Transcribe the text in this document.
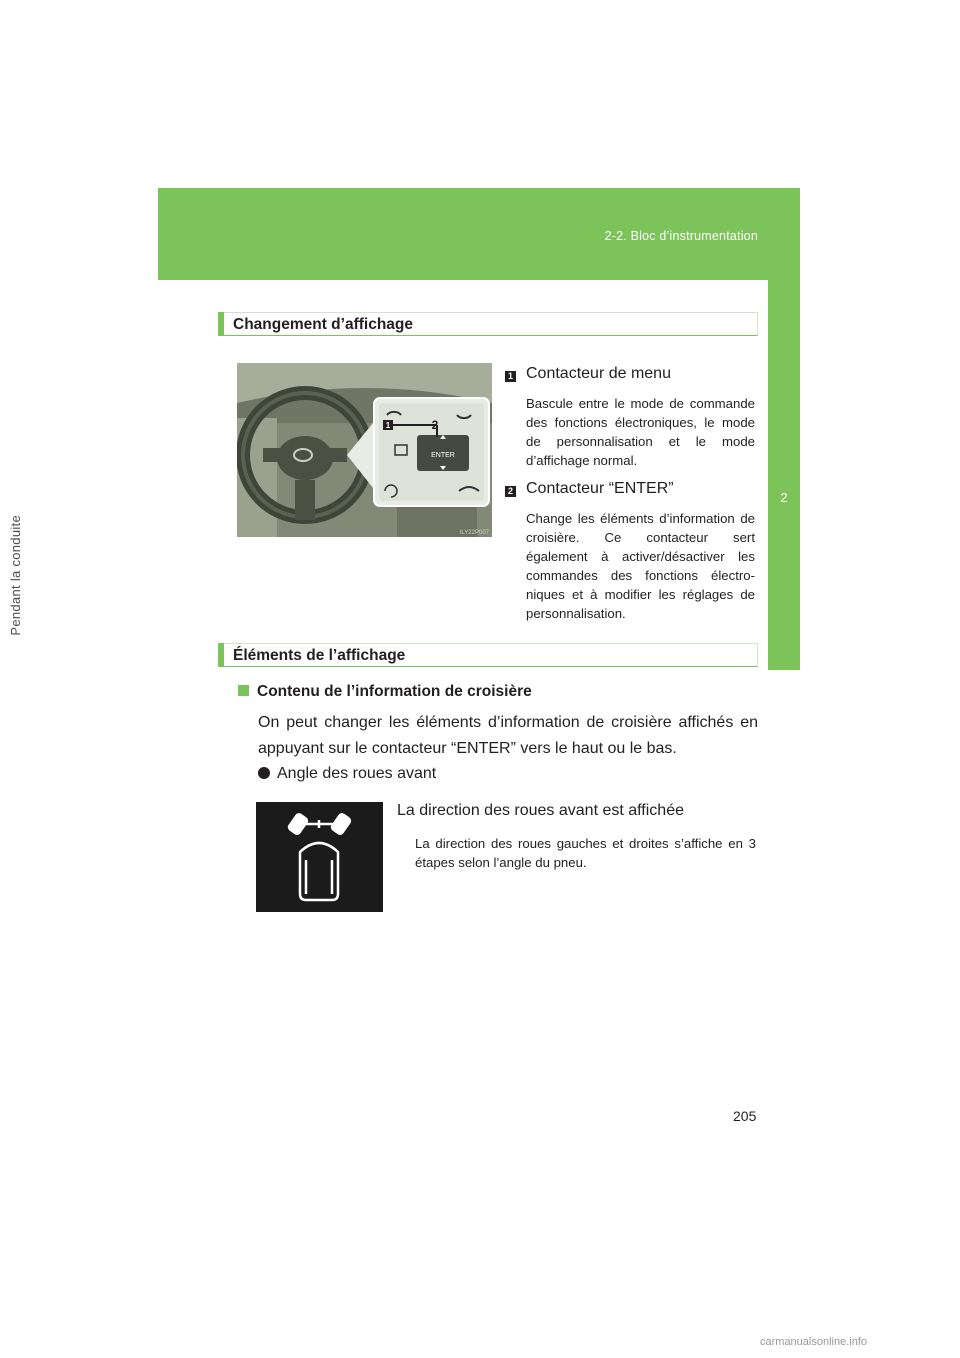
2-2. Bloc d’instrumentation
2
Pendant la conduite
Changement d’affichage
ENTER
1	2
ILY22P007
1 Contacteur de menu
Bascule entre le mode de commande des fonctions électroniques, le mode de personnalisation et le mode d’affichage normal.
2 Contacteur “ENTER”
Change les éléments d’information de croisière. Ce contacteur sert également à activer/désactiver les commandes des fonctions électroniques et à modifier les réglages de personnalisation.
Éléments de l’affichage
Contenu de l’information de croisière
On peut changer les éléments d’information de croisière affichés en appuyant sur le contacteur “ENTER” vers le haut ou le bas.
Angle des roues avant
La direction des roues avant est affichée
La direction des roues gauches et droites s’affiche en 3 étapes selon l’angle du pneu.
205
carmanualsonline.info
